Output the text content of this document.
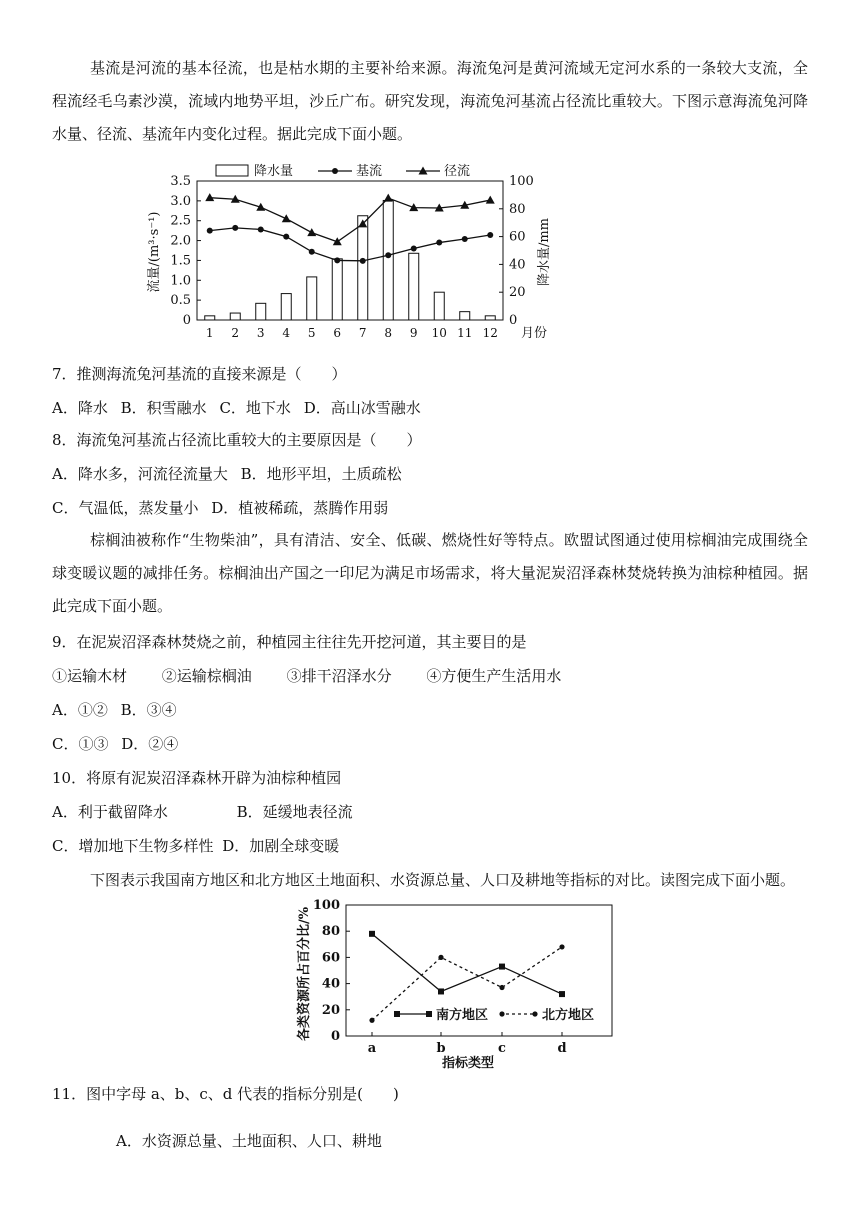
基流是河流的基本径流，也是枯水期的主要补给来源。海流兔河是黄河流域无定河水系的一条较大支流，全程流经毛乌素沙漠，流域内地势平坦，沙丘广布。研究发现，海流兔河基流占径流比重较大。下图示意海流兔河降水量、径流、基流年内变化过程。据此完成下面小题。
降水量	基流	径流
0
0.5
1.0
1.5
2.0
2.5
3.0
3.5
0
20
40
60
80
100
1 2 3 4 5 6 7 8 9 10 11 12
流量/(m³·s⁻¹)	降水量/mm
月份
7．推测海流兔河基流的直接来源是（　　）
A．降水 B．积雪融水 C．地下水 D．高山冰雪融水
8．海流兔河基流占径流比重较大的主要原因是（　　）
A．降水多，河流径流量大 B．地形平坦，土质疏松
C．气温低，蒸发量小 D．植被稀疏，蒸腾作用弱
棕榈油被称作“生物柴油”，具有清洁、安全、低碳、燃烧性好等特点。欧盟试图通过使用棕榈油完成围绕全球变暖议题的减排任务。棕榈油出产国之一印尼为满足市场需求，将大量泥炭沼泽森林焚烧转换为油棕种植园。据此完成下面小题。
9．在泥炭沼泽森林焚烧之前，种植园主往往先开挖河道，其主要目的是
①运输木材 ②运输棕榈油 ③排干沼泽水分 ④方便生产生活用水
A．①② B．③④
C．①③ D．②④
10．将原有泥炭沼泽森林开辟为油棕种植园
A．利于截留降水	B．延缓地表径流
C．增加地下生物多样性 D．加剧全球变暖
下图表示我国南方地区和北方地区土地面积、水资源总量、人口及耕地等指标的对比。读图完成下面小题。
0
20
40
60
80
100
a	b	c	d
南方地区	北方地区
各类资源所占百分比/%
指标类型
11．图中字母 a、b、c、d 代表的指标分别是(　　)
A．水资源总量、土地面积、人口、耕地
